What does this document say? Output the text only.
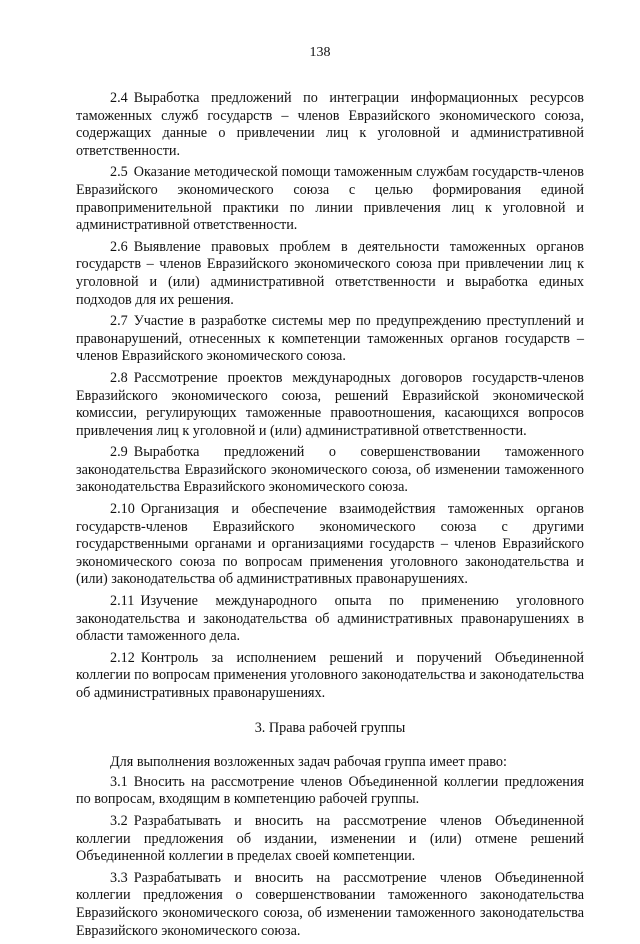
138

2.4 Выработка предложений по интеграции информационных ресурсов таможенных служб государств – членов Евразийского экономического союза, содержащих данные о привлечении лиц к уголовной и административной ответственности.

2.5 Оказание методической помощи таможенным службам государств-членов Евразийского экономического союза с целью формирования единой правоприменительной практики по линии привлечения лиц к уголовной и административной ответственности.

2.6 Выявление правовых проблем в деятельности таможенных органов государств – членов Евразийского экономического союза при привлечении лиц к уголовной и (или) административной ответственности и выработка единых подходов для их решения.

2.7 Участие в разработке системы мер по предупреждению преступлений и правонарушений, отнесенных к компетенции таможенных органов государств – членов Евразийского экономического союза.

2.8 Рассмотрение проектов международных договоров государств-членов Евразийского экономического союза, решений Евразийской экономической комиссии, регулирующих таможенные правоотношения, касающихся вопросов привлечения лиц к уголовной и (или) административной ответственности.

2.9 Выработка предложений о совершенствовании таможенного законодательства Евразийского экономического союза, об изменении таможенного законодательства Евразийского экономического союза.

2.10 Организация и обеспечение взаимодействия таможенных органов государств-членов Евразийского экономического союза с другими государственными органами и организациями государств – членов Евразийского экономического союза по вопросам применения уголовного законодательства и (или) законодательства об административных правонарушениях.

2.11 Изучение международного опыта по применению уголовного законодательства и законодательства об административных правонарушениях в области таможенного дела.

2.12 Контроль за исполнением решений и поручений Объединенной коллегии по вопросам применения уголовного законодательства и законодательства об административных правонарушениях.

3. Права рабочей группы

Для выполнения возложенных задач рабочая группа имеет право:

3.1 Вносить на рассмотрение членов Объединенной коллегии предложения по вопросам, входящим в компетенцию рабочей группы.

3.2 Разрабатывать и вносить на рассмотрение членов Объединенной коллегии предложения об издании, изменении и (или) отмене решений Объединенной коллегии в пределах своей компетенции.

3.3 Разрабатывать и вносить на рассмотрение членов Объединенной коллегии предложения о совершенствовании таможенного законодательства Евразийского экономического союза, об изменении таможенного законодательства Евразийского экономического союза.
